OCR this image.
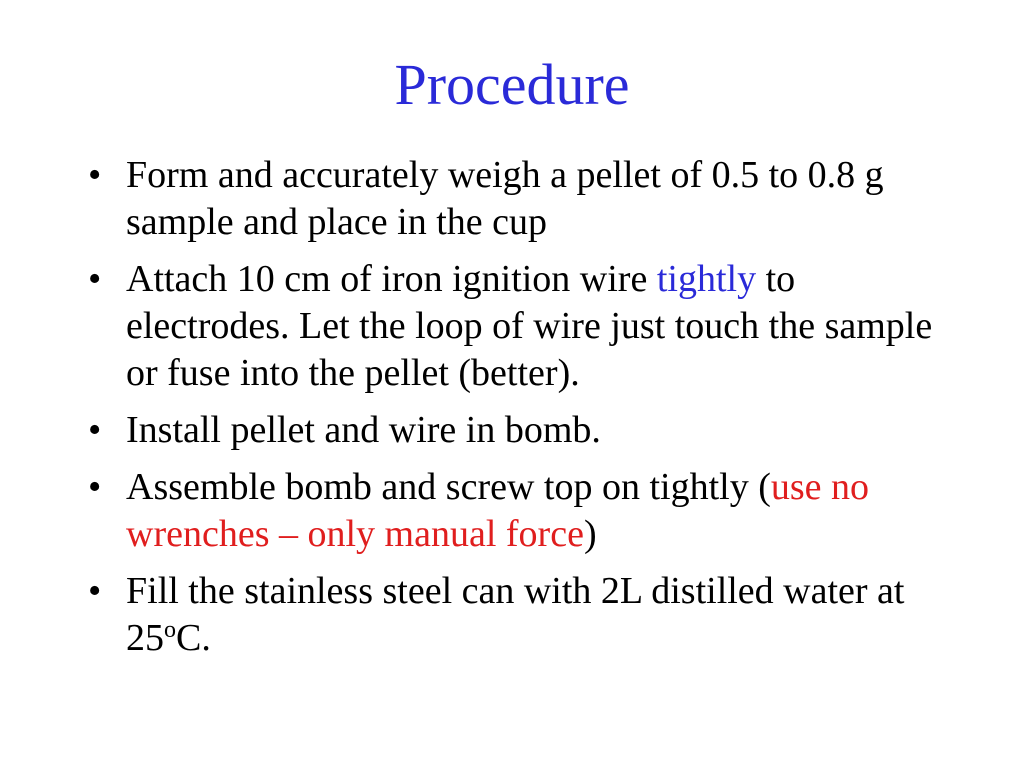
Procedure
• Form and accurately weigh a pellet of 0.5 to 0.8 g sample and place in the cup
• Attach 10 cm of iron ignition wire tightly to electrodes. Let the loop of wire just touch the sample or fuse into the pellet (better).
• Install pellet and wire in bomb.
• Assemble bomb and screw top on tightly (use no wrenches – only manual force)
• Fill the stainless steel can with 2L distilled water at 25$^o$C.
